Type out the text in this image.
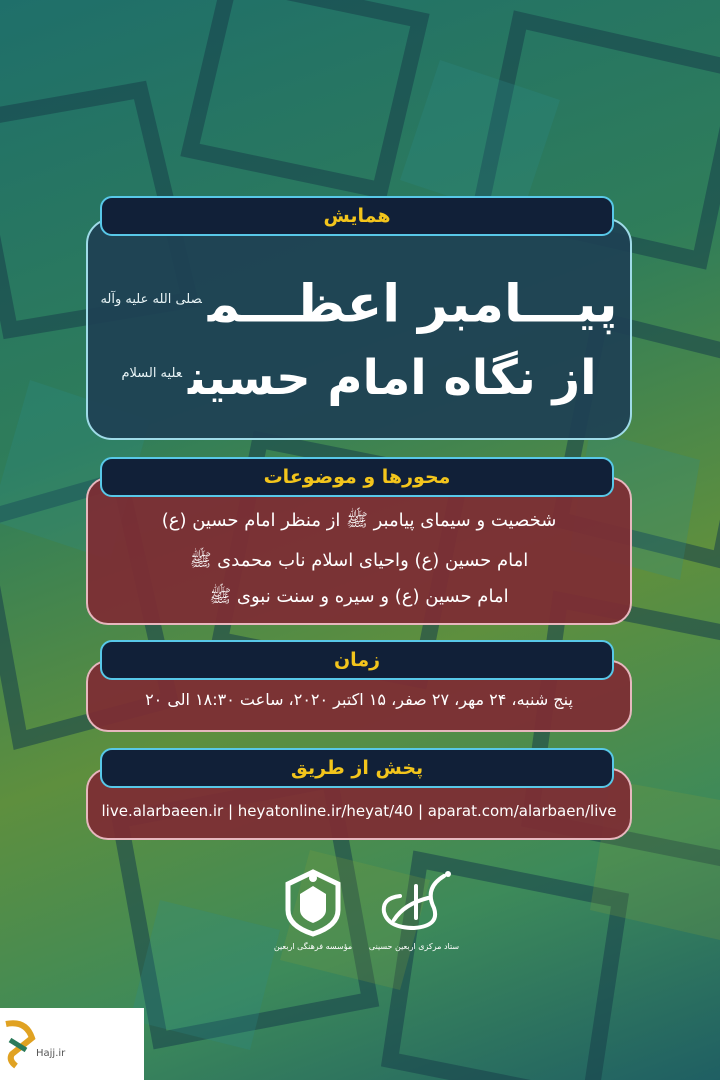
همایش
پیـــامبر اعظـــم$^{صلى الله عليه وآله}$
از نگاه امام حسین$^{عليه السلام}$
محورها و موضوعات
شخصیت و سیمای پیامبر ﷺ از منظر امام حسین (ع)
امام حسین (ع) واحیای اسلام ناب محمدی ﷺ
امام حسین (ع) و سیره و سنت نبوی ﷺ
زمان
پنج شنبه، ۲۴ مهر، ۲۷ صفر، ۱۵ اکتبر ۲۰۲۰، ساعت ۱۸:۳۰ الی ۲۰
پخش از طریق
live.alarbaeen.ir | heyatonline.ir/heyat/40 | aparat.com/alarbaen/live
مؤسسه فرهنگی اربعین	ستاد مرکزی اربعین حسینی
Hajj.ir
